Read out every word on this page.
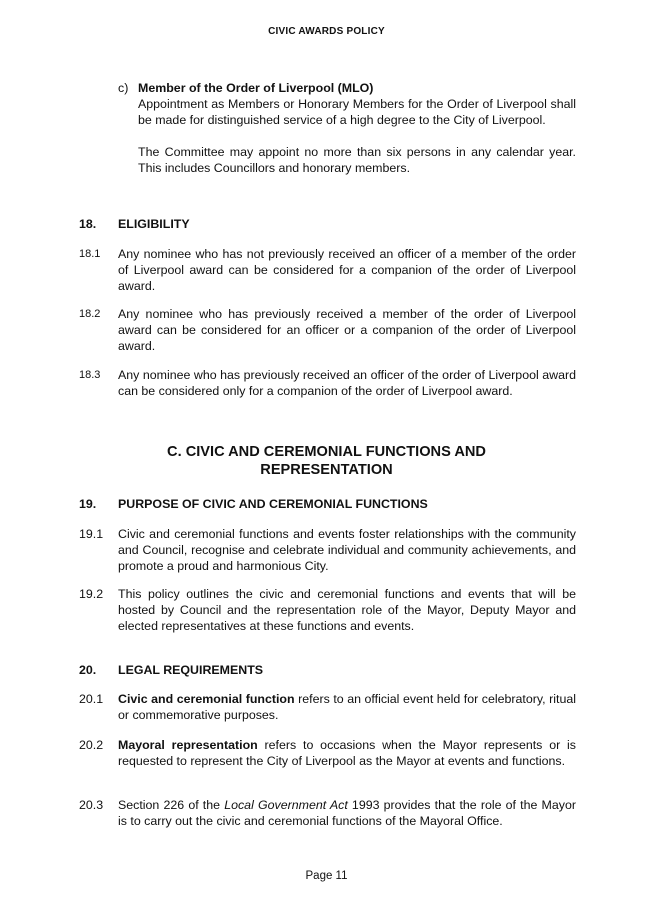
CIVIC AWARDS POLICY
c) Member of the Order of Liverpool (MLO)

Appointment as Members or Honorary Members for the Order of Liverpool shall be made for distinguished service of a high degree to the City of Liverpool.

The Committee may appoint no more than six persons in any calendar year. This includes Councillors and honorary members.

18. ELIGIBILITY
18.1 Any nominee who has not previously received an officer of a member of the order of Liverpool award can be considered for a companion of the order of Liverpool award.
18.2 Any nominee who has previously received a member of the order of Liverpool award can be considered for an officer or a companion of the order of Liverpool award.
18.3 Any nominee who has previously received an officer of the order of Liverpool award can be considered only for a companion of the order of Liverpool award.
C. CIVIC AND CEREMONIAL FUNCTIONS AND
REPRESENTATION
19. PURPOSE OF CIVIC AND CEREMONIAL FUNCTIONS
19.1 Civic and ceremonial functions and events foster relationships with the community and Council, recognise and celebrate individual and community achievements, and promote a proud and harmonious City.
19.2 This policy outlines the civic and ceremonial functions and events that will be hosted by Council and the representation role of the Mayor, Deputy Mayor and elected representatives at these functions and events.
20. LEGAL REQUIREMENTS
20.1 Civic and ceremonial function refers to an official event held for celebratory, ritual or commemorative purposes.
20.2 Mayoral representation refers to occasions when the Mayor represents or is requested to represent the City of Liverpool as the Mayor at events and functions.
20.3 Section 226 of the Local Government Act 1993 provides that the role of the Mayor is to carry out the civic and ceremonial functions of the Mayoral Office.
Page 11
